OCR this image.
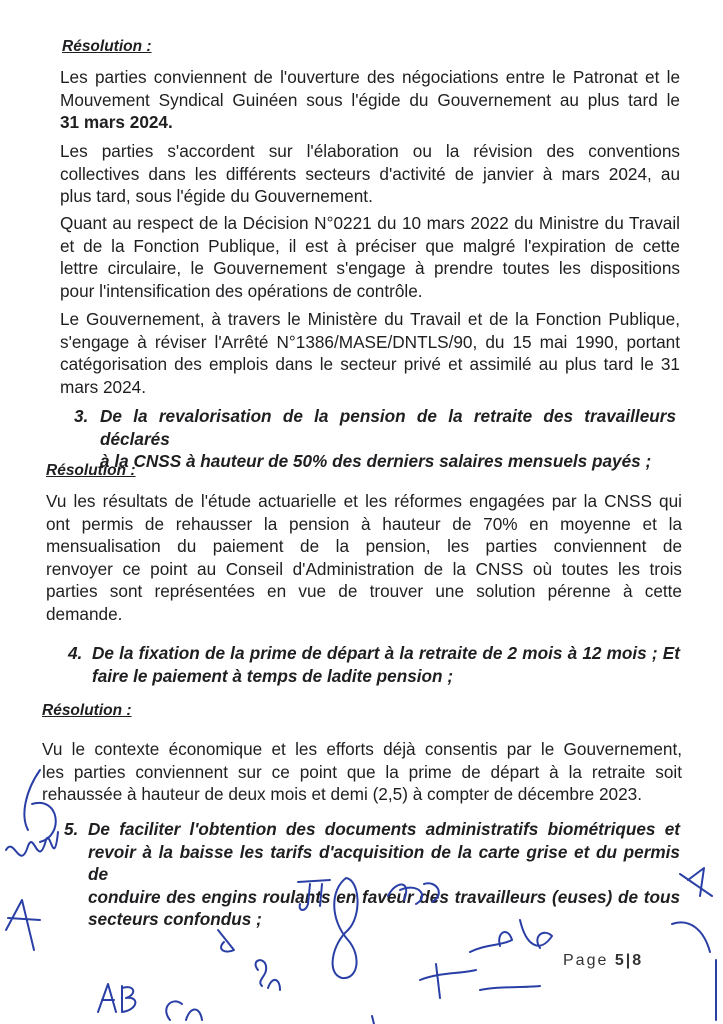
Résolution :
Les parties conviennent de l'ouverture des négociations entre le Patronat et le
Mouvement Syndical Guinéen sous l'égide du Gouvernement au plus tard le
31 mars 2024.
Les parties s'accordent sur l'élaboration ou la révision des conventions
collectives dans les différents secteurs d'activité de janvier à mars 2024, au
plus tard, sous l'égide du Gouvernement.
Quant au respect de la Décision N°0221 du 10 mars 2022 du Ministre du Travail
et de la Fonction Publique, il est à préciser que malgré l'expiration de cette
lettre circulaire, le Gouvernement s'engage à prendre toutes les dispositions
pour l'intensification des opérations de contrôle.
Le Gouvernement, à travers le Ministère du Travail et de la Fonction Publique,
s'engage à réviser l'Arrêté N°1386/MASE/DNTLS/90, du 15 mai 1990, portant
catégorisation des emplois dans le secteur privé et assimilé au plus tard le 31
mars 2024.
3. De la revalorisation de la pension de la retraite des travailleurs déclarés
à la CNSS à hauteur de 50% des derniers salaires mensuels payés ;
Résolution :
Vu les résultats de l'étude actuarielle et les réformes engagées par la CNSS qui
ont permis de rehausser la pension à hauteur de 70% en moyenne et la
mensualisation du paiement de la pension, les parties conviennent de
renvoyer ce point au Conseil d'Administration de la CNSS où toutes les trois
parties sont représentées en vue de trouver une solution pérenne à cette
demande.
4. De la fixation de la prime de départ à la retraite de 2 mois à 12 mois ; Et
faire le paiement à temps de ladite pension ;
Résolution :
Vu le contexte économique et les efforts déjà consentis par le Gouvernement,
les parties conviennent sur ce point que la prime de départ à la retraite soit
rehaussée à hauteur de deux mois et demi (2,5) à compter de décembre 2023.
5. De faciliter l'obtention des documents administratifs biométriques et
revoir à la baisse les tarifs d'acquisition de la carte grise et du permis de
conduire des engins roulants en faveur des travailleurs (euses) de tous
secteurs confondus ;
Page 5|8
